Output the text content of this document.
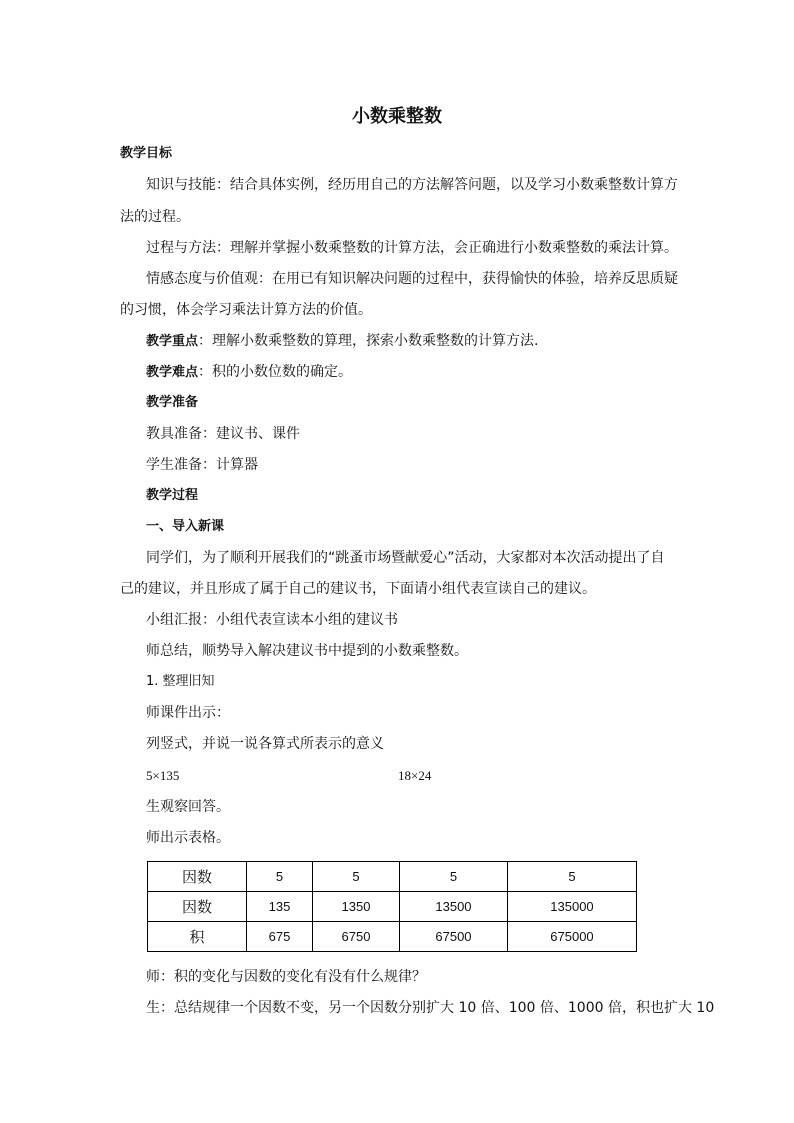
小数乘整数
教学目标
知识与技能：结合具体实例，经历用自己的方法解答问题，以及学习小数乘整数计算方
法的过程。
过程与方法：理解并掌握小数乘整数的计算方法，会正确进行小数乘整数的乘法计算。
情感态度与价值观：在用已有知识解决问题的过程中，获得愉快的体验，培养反思质疑
的习惯，体会学习乘法计算方法的价值。
教学重点：理解小数乘整数的算理，探索小数乘整数的计算方法.
教学难点：积的小数位数的确定。
教学准备
教具准备：建议书、课件
学生准备：计算器
教学过程
一、导入新课
同学们，为了顺利开展我们的“跳蚤市场暨献爱心”活动，大家都对本次活动提出了自
己的建议，并且形成了属于自己的建议书，下面请小组代表宣读自己的建议。
小组汇报：小组代表宣读本小组的建议书
师总结，顺势导入解决建议书中提到的小数乘整数。
1. 整理旧知
师课件出示：
列竖式，并说一说各算式所表示的意义
5×135	18×24
生观察回答。
师出示表格。
因数	5	5	5	5
因数	135	1350	13500	135000
积	675	6750	67500	675000
师：积的变化与因数的变化有没有什么规律？
生：总结规律一个因数不变，另一个因数分别扩大 10 倍、100 倍、1000 倍，积也扩大 10
